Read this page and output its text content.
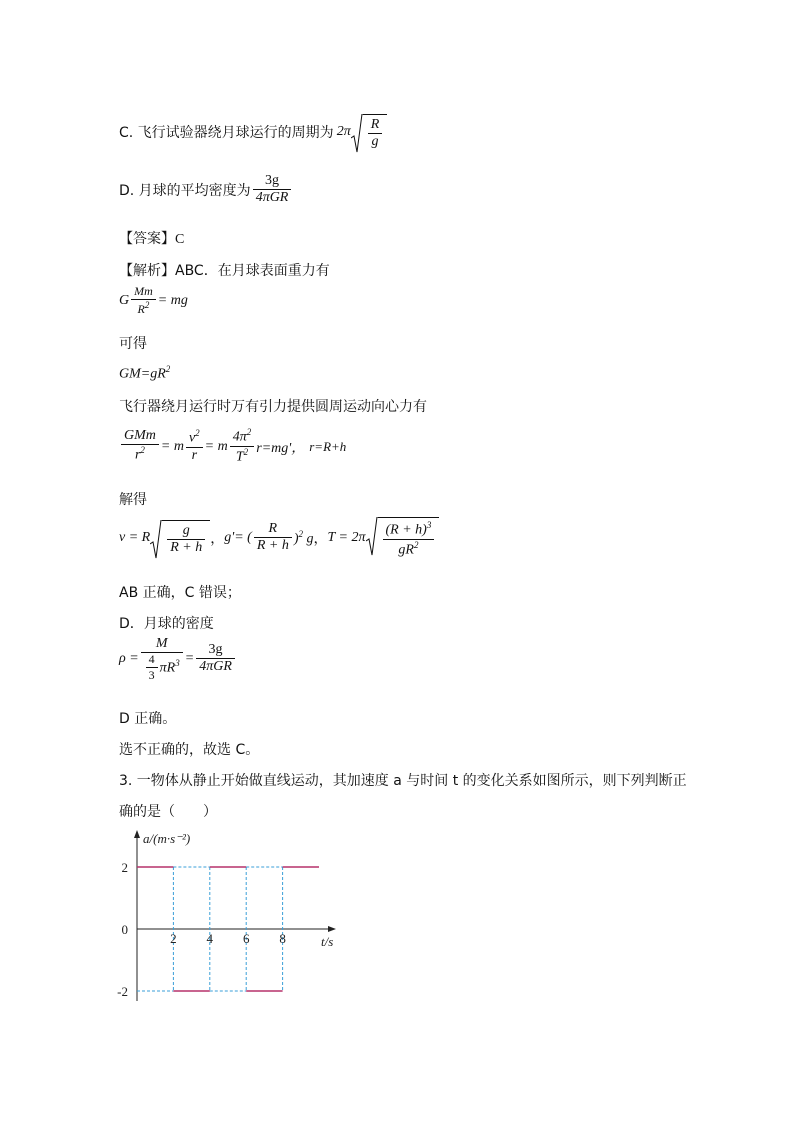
C. 飞行试验器绕月球运行的周期为 $2\pi \frac{R}{g}$
D. 月球的平均密度为 $\frac{3g}{\text{4πGR}}$
【答案】C
【解析】ABC．在月球表面重力有
G $\frac{Mm}{R^2}$ = mg
可得
$GM=gR^2$
飞行器绕月运行时万有引力提供圆周运动向心力有
$\frac{\text{GMm}}{r^2} = m \frac{v^2}{r} = m \frac{4\pi^2}{T^2} r=mg'$， r=R+h
解得
v = R $\frac{g}{R + h}$ ， g'= ( $\frac{R}{R + h} )^2$ g ， $T = 2\pi \frac{(R + h)^3}{gR^2}$
AB 正确，C 错误；
D．月球的密度
$\rho = \frac{M}{\frac{4}{3} \pi R^3} = \frac{3g}{\text{4πGR}}$
D 正确。
选不正确的，故选 C。
3. 一物体从静止开始做直线运动，其加速度 a 与时间 t 的变化关系如图所示，则下列判断正
确的是（　　）
2 4 6 8
2
0
-2
a/(m·s⁻²)
t/s
